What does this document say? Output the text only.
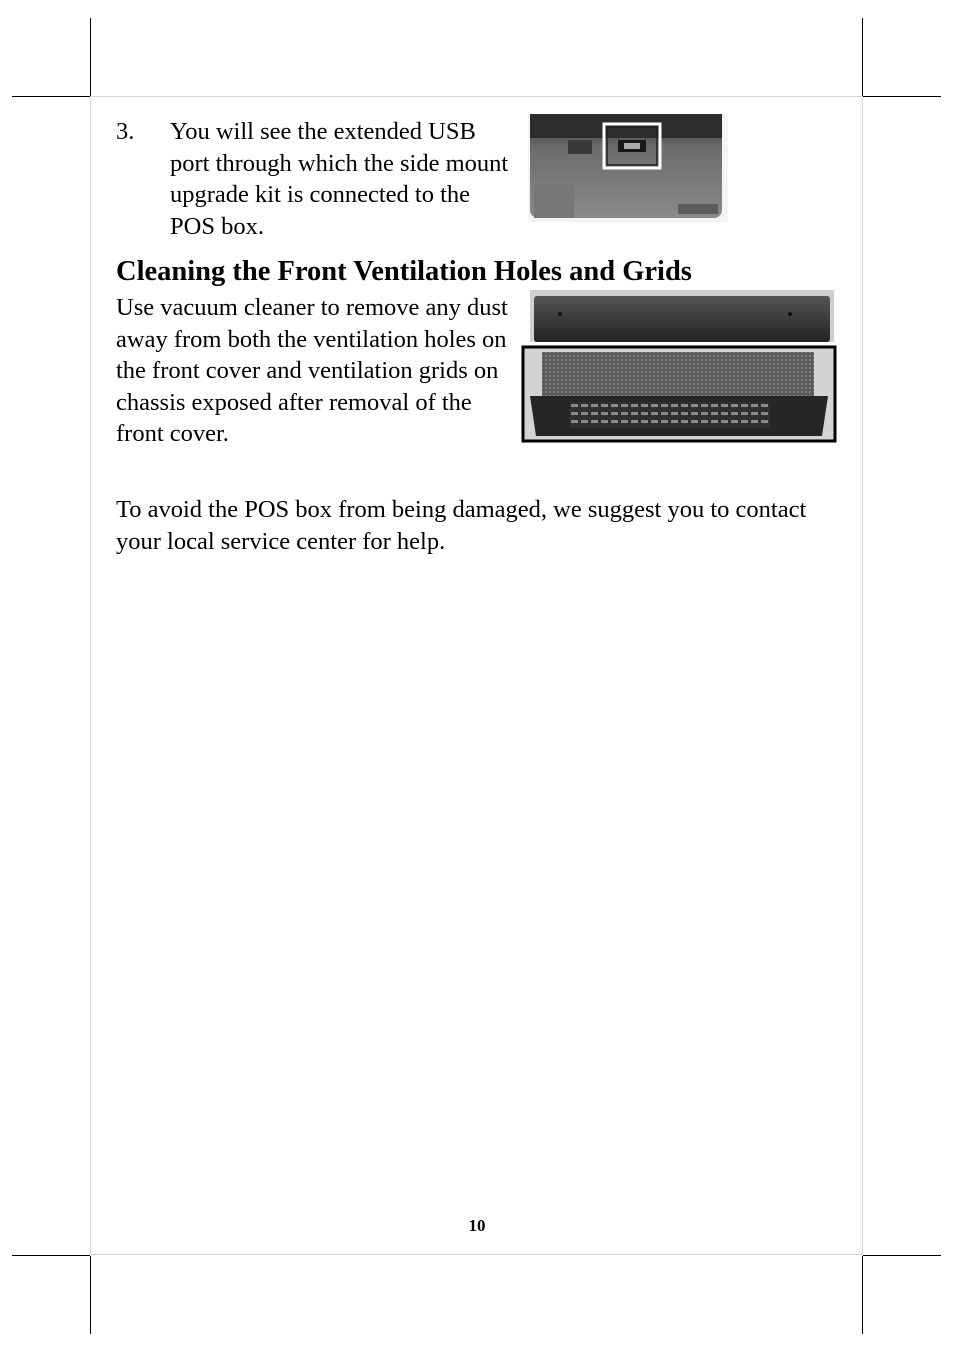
3. You will see the extended USB port through which the side mount upgrade kit is connected to the POS box.
Cleaning the Front Ventilation Holes and Grids
Use vacuum cleaner to remove any dust away from both the ventilation holes on the front cover and ventilation grids on chassis exposed after removal of the front cover.
To avoid the POS box from being damaged, we suggest you to contact your local service center for help.
10
